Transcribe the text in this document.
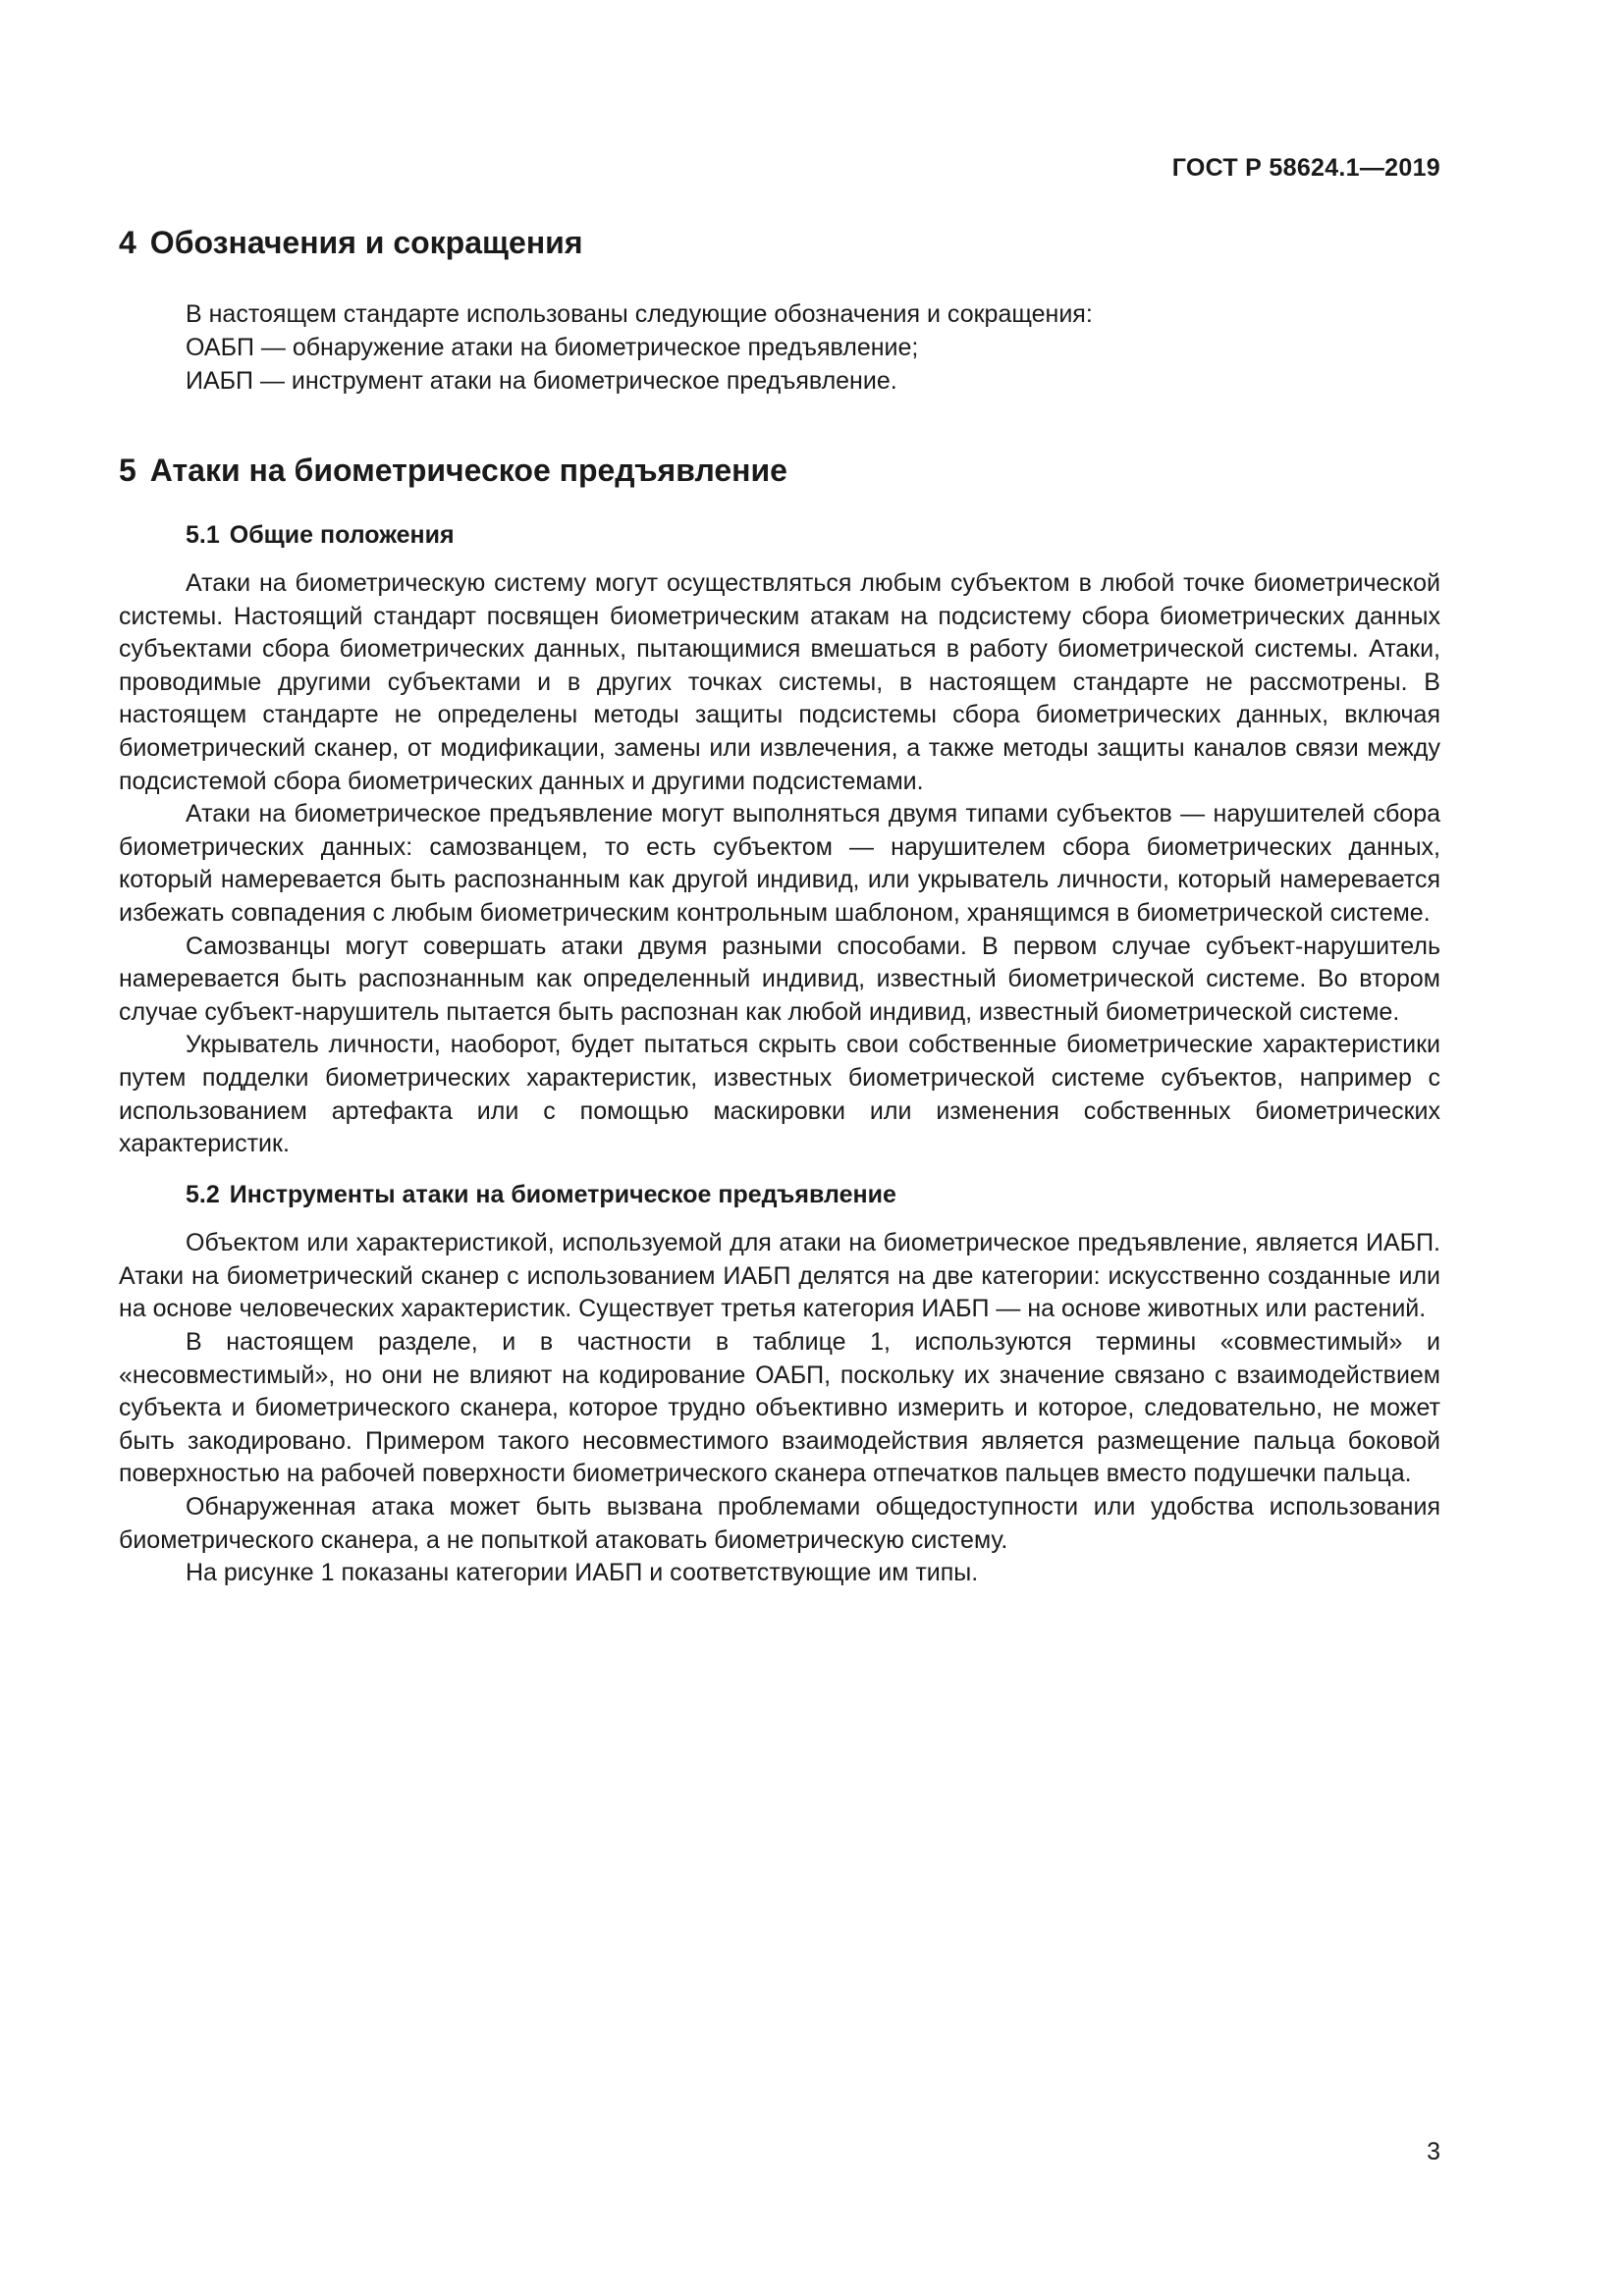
ГОСТ Р 58624.1—2019
4 Обозначения и сокращения

В настоящем стандарте использованы следующие обозначения и сокращения:

ОАБП — обнаружение атаки на биометрическое предъявление;

ИАБП — инструмент атаки на биометрическое предъявление.

5 Атаки на биометрическое предъявление
5.1 Общие положения

Атаки на биометрическую систему могут осуществляться любым субъектом в любой точке биометрической системы. Настоящий стандарт посвящен биометрическим атакам на подсистему сбора биометрических данных субъектами сбора биометрических данных, пытающимися вмешаться в работу биометрической системы. Атаки, проводимые другими субъектами и в других точках системы, в настоящем стандарте не рассмотрены. В настоящем стандарте не определены методы защиты подсистемы сбора биометрических данных, включая биометрический сканер, от модификации, замены или извлечения, а также методы защиты каналов связи между подсистемой сбора биометрических данных и другими подсистемами.

Атаки на биометрическое предъявление могут выполняться двумя типами субъектов — нарушителей сбора биометрических данных: самозванцем, то есть субъектом — нарушителем сбора биометрических данных, который намеревается быть распознанным как другой индивид, или укрыватель личности, который намеревается избежать совпадения с любым биометрическим контрольным шаблоном, хранящимся в биометрической системе.

Самозванцы могут совершать атаки двумя разными способами. В первом случае субъект-нарушитель намеревается быть распознанным как определенный индивид, известный биометрической системе. Во втором случае субъект-нарушитель пытается быть распознан как любой индивид, известный биометрической системе.

Укрыватель личности, наоборот, будет пытаться скрыть свои собственные биометрические характеристики путем подделки биометрических характеристик, известных биометрической системе субъектов, например с использованием артефакта или с помощью маскировки или изменения собственных биометрических характеристик.

5.2 Инструменты атаки на биометрическое предъявление

Объектом или характеристикой, используемой для атаки на биометрическое предъявление, является ИАБП. Атаки на биометрический сканер с использованием ИАБП делятся на две категории: искусственно созданные или на основе человеческих характеристик. Существует третья категория ИАБП — на основе животных или растений.

В настоящем разделе, и в частности в таблице 1, используются термины «совместимый» и «несовместимый», но они не влияют на кодирование ОАБП, поскольку их значение связано с взаимодействием субъекта и биометрического сканера, которое трудно объективно измерить и которое, следовательно, не может быть закодировано. Примером такого несовместимого взаимодействия является размещение пальца боковой поверхностью на рабочей поверхности биометрического сканера отпечатков пальцев вместо подушечки пальца.

Обнаруженная атака может быть вызвана проблемами общедоступности или удобства использования биометрического сканера, а не попыткой атаковать биометрическую систему.

На рисунке 1 показаны категории ИАБП и соответствующие им типы.

3
